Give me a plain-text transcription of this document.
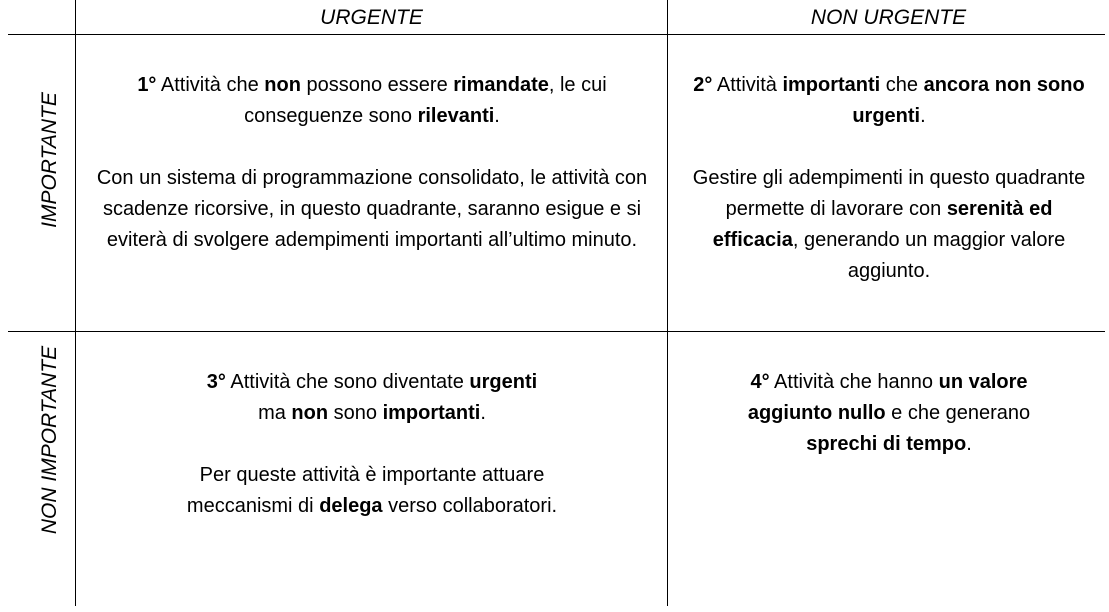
URGENTE	NON URGENTE
IMPORTANTE
NON IMPORTANTE

1° Attività che non possono essere rimandate, le cui conseguenze sono rilevanti.

Con un sistema di programmazione consolidato, le attività con scadenze ricorsive, in questo quadrante, saranno esigue e si eviterà di svolgere adempimenti importanti all’ultimo minuto.

2° Attività importanti che ancora non sono urgenti.

Gestire gli adempimenti in questo quadrante permette di lavorare con serenità ed efficacia, generando un maggior valore aggiunto.

3° Attività che sono diventate urgenti
ma non sono importanti.

Per queste attività è importante attuare
meccanismi di delega verso collaboratori.

4° Attività che hanno un valore
aggiunto nullo e che generano
sprechi di tempo.
